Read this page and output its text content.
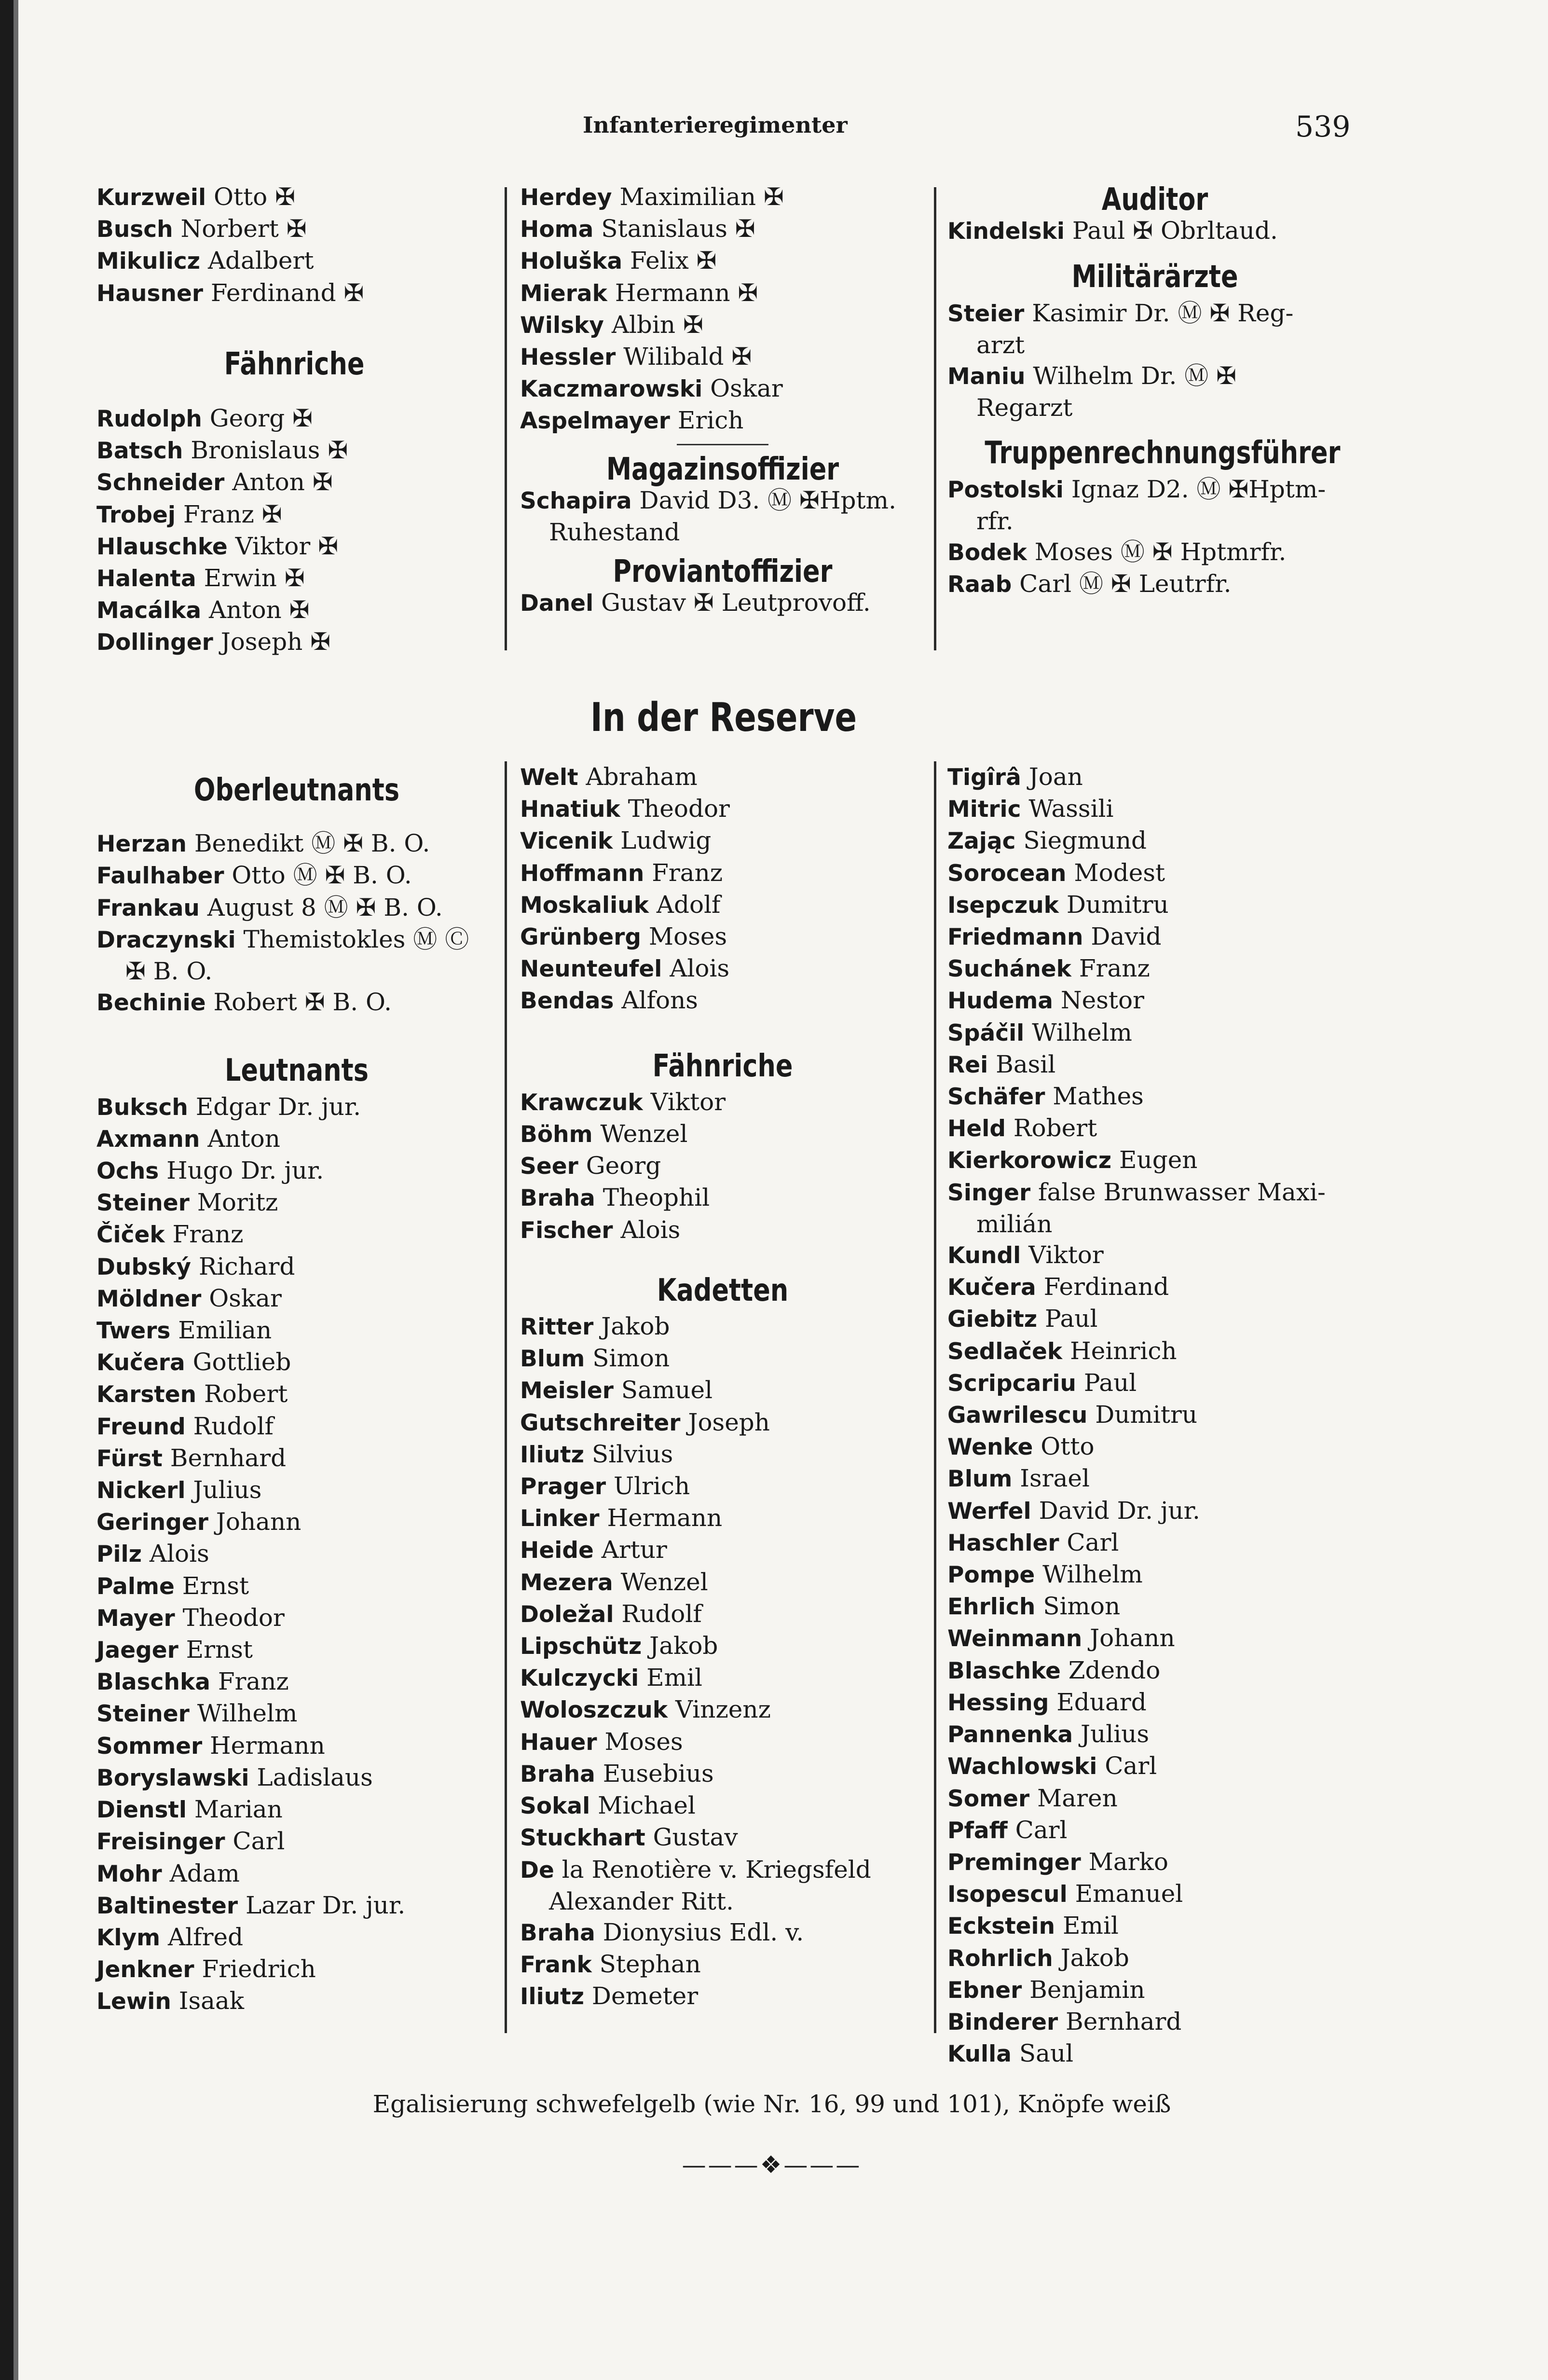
Infanterieregimenter	539
Kurzweil Otto ✠
Busch Norbert ✠
Mikulicz Adalbert
Hausner Ferdinand ✠
Fähnriche
Rudolph Georg ✠
Batsch Bronislaus ✠
Schneider Anton ✠
Trobej Franz ✠
Hlauschke Viktor ✠
Halenta Erwin ✠
Macálka Anton ✠
Dollinger Joseph ✠
Herdey Maximilian ✠
Homa Stanislaus ✠
Holuška Felix ✠
Mierak Hermann ✠
Wilsky Albin ✠
Hessler Wilibald ✠
Kaczmarowski Oskar
Aspelmayer Erich
Magazinsoffizier
Schapira David D3. Ⓜ ✠Hptm.
Ruhestand
Proviantoffizier
Danel Gustav ✠ Leutprovoff.
Auditor
Kindelski Paul ✠ Obrltaud.
Militärärzte
Steier Kasimir Dr. Ⓜ ✠ Reg-
arzt
Maniu Wilhelm Dr. Ⓜ ✠
Regarzt
Truppenrechnungsführer
Postolski Ignaz D2. Ⓜ ✠Hptm-
rfr.
Bodek Moses Ⓜ ✠ Hptmrfr.
Raab Carl Ⓜ ✠ Leutrfr.
In der Reserve
Oberleutnants
Herzan Benedikt Ⓜ ✠ B. O.
Faulhaber Otto Ⓜ ✠ B. O.
Frankau August 8 Ⓜ ✠ B. O.
Draczynski Themistokles Ⓜ Ⓒ
✠ B. O.
Bechinie Robert ✠ B. O.
Leutnants
Buksch Edgar Dr. jur.
Axmann Anton
Ochs Hugo Dr. jur.
Steiner Moritz
Čiček Franz
Dubský Richard
Möldner Oskar
Twers Emilian
Kučera Gottlieb
Karsten Robert
Freund Rudolf
Fürst Bernhard
Nickerl Julius
Geringer Johann
Pilz Alois
Palme Ernst
Mayer Theodor
Jaeger Ernst
Blaschka Franz
Steiner Wilhelm
Sommer Hermann
Boryslawski Ladislaus
Dienstl Marian
Freisinger Carl
Mohr Adam
Baltinester Lazar Dr. jur.
Klym Alfred
Jenkner Friedrich
Lewin Isaak
Welt Abraham
Hnatiuk Theodor
Vicenik Ludwig
Hoffmann Franz
Moskaliuk Adolf
Grünberg Moses
Neunteufel Alois
Bendas Alfons
Fähnriche
Krawczuk Viktor
Böhm Wenzel
Seer Georg
Braha Theophil
Fischer Alois
Kadetten
Ritter Jakob
Blum Simon
Meisler Samuel
Gutschreiter Joseph
Iliutz Silvius
Prager Ulrich
Linker Hermann
Heide Artur
Mezera Wenzel
Doležal Rudolf
Lipschütz Jakob
Kulczycki Emil
Woloszczuk Vinzenz
Hauer Moses
Braha Eusebius
Sokal Michael
Stuckhart Gustav
De la Renotière v. Kriegsfeld
Alexander Ritt.
Braha Dionysius Edl. v.
Frank Stephan
Iliutz Demeter
Tigîrâ Joan
Mitric Wassili
Zając Siegmund
Sorocean Modest
Isepczuk Dumitru
Friedmann David
Suchánek Franz
Hudema Nestor
Spáčil Wilhelm
Rei Basil
Schäfer Mathes
Held Robert
Kierkorowicz Eugen
Singer false Brunwasser Maxi-
milián
Kundl Viktor
Kučera Ferdinand
Giebitz Paul
Sedlaček Heinrich
Scripcariu Paul
Gawrilescu Dumitru
Wenke Otto
Blum Israel
Werfel David Dr. jur.
Haschler Carl
Pompe Wilhelm
Ehrlich Simon
Weinmann Johann
Blaschke Zdendo
Hessing Eduard
Pannenka Julius
Wachlowski Carl
Somer Maren
Pfaff Carl
Preminger Marko
Isopescul Emanuel
Eckstein Emil
Rohrlich Jakob
Ebner Benjamin
Binderer Bernhard
Kulla Saul
Egalisierung schwefelgelb (wie Nr. 16, 99 und 101), Knöpfe weiß
———❖———
